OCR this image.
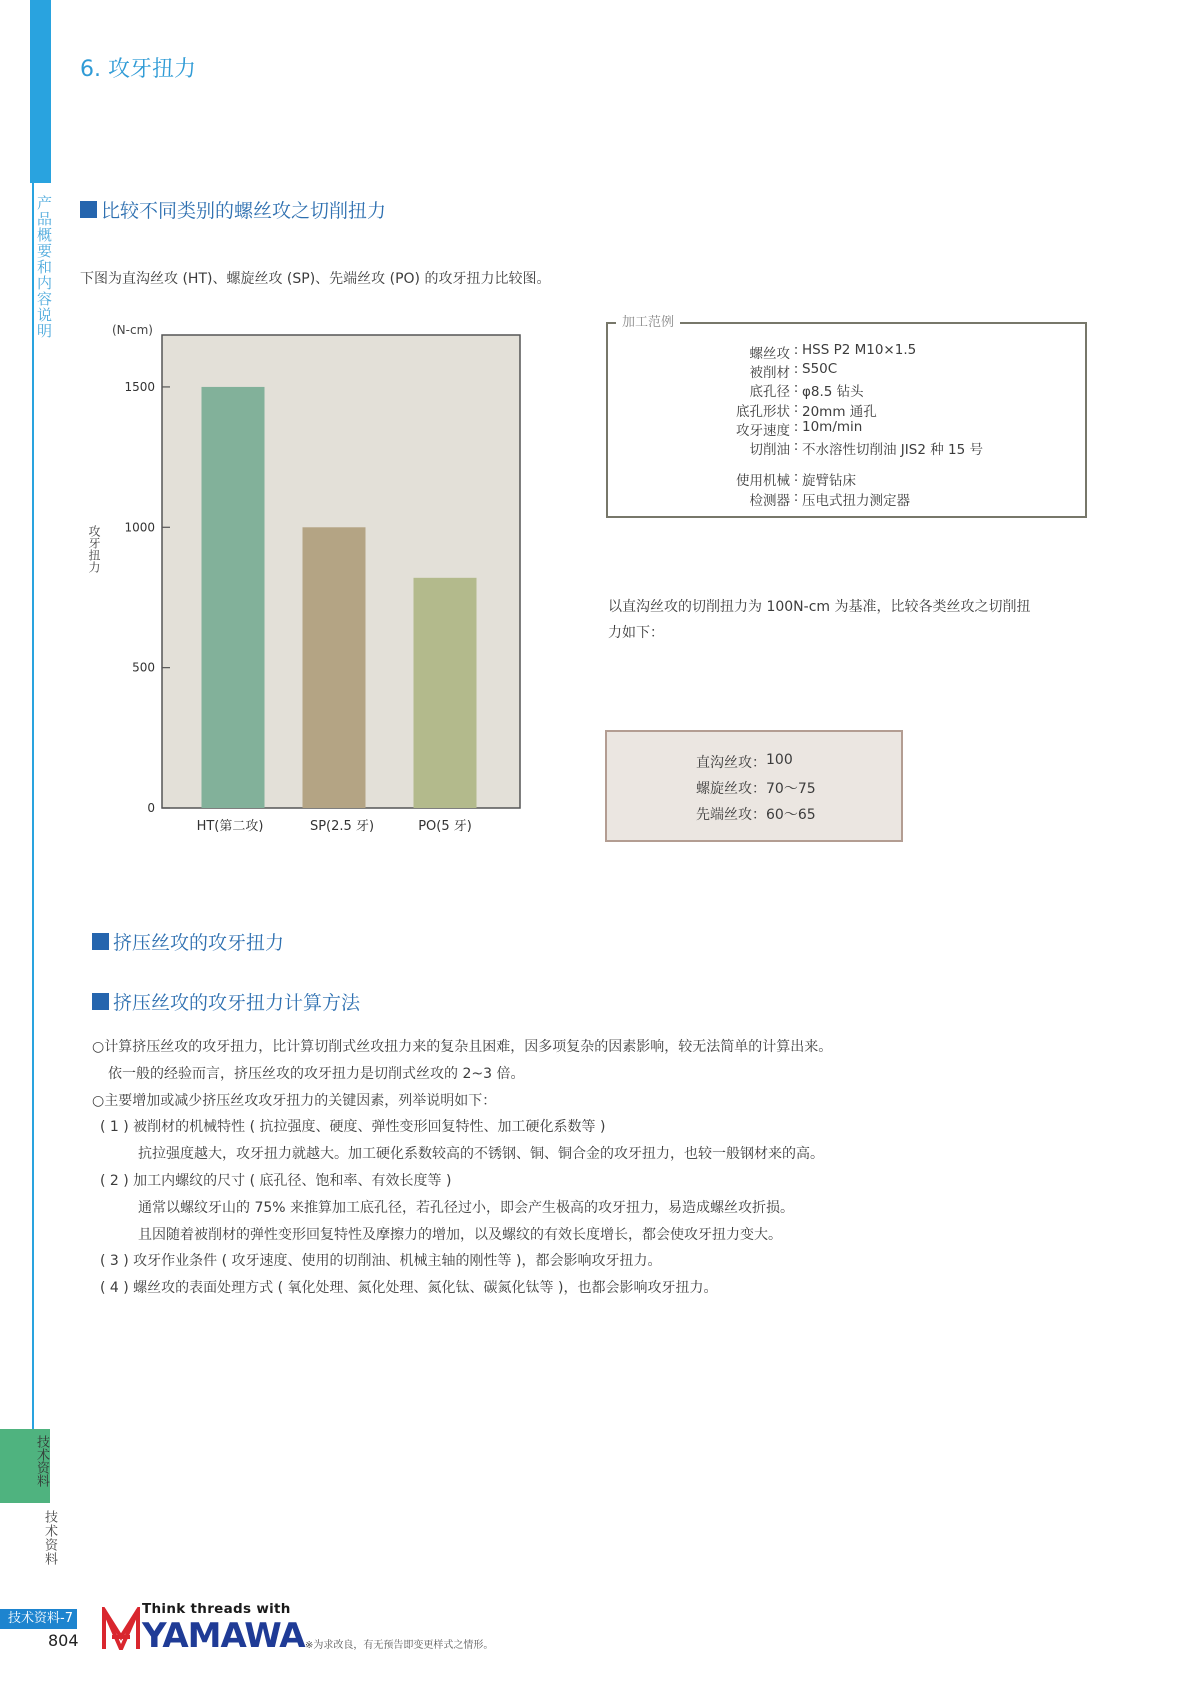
产品概要和内容说明
技术资料
技术资料
6. 攻牙扭力
比较不同类别的螺丝攻之切削扭力
下图为直沟丝攻 (HT)、螺旋丝攻 (SP)、先端丝攻 (PO) 的攻牙扭力比较图。
(N-cm)
攻牙扭力
0
500
1000
1500
HT(第二攻)	SP(2.5 牙)	PO(5 牙)
加工范例
螺丝攻 : HSS P2 M10×1.5
被削材 : S50C
底孔径 : φ8.5 钻头
底孔形状 : 20mm 通孔
攻牙速度 : 10m/min
切削油 : 不水溶性切削油 JIS2 种 15 号
使用机械 : 旋臂钻床
检测器 : 压电式扭力测定器
以直沟丝攻的切削扭力为 100N-cm 为基准，比较各类丝攻之切削扭
力如下：
直沟丝攻 ： 100
螺旋丝攻 ： 70～75
先端丝攻 ： 60～65
挤压丝攻的攻牙扭力
挤压丝攻的攻牙扭力计算方法
○计算挤压丝攻的攻牙扭力，比计算切削式丝攻扭力来的复杂且困难，因多项复杂的因素影响，较无法简单的计算出来。
依一般的经验而言，挤压丝攻的攻牙扭力是切削式丝攻的 2~3 倍。
○主要增加或减少挤压丝攻攻牙扭力的关键因素，列举说明如下：
( 1 ) 被削材的机械特性 ( 抗拉强度、硬度、弹性变形回复特性、加工硬化系数等 )
抗拉强度越大，攻牙扭力就越大。加工硬化系数较高的不锈钢、铜、铜合金的攻牙扭力，也较一般钢材来的高。
( 2 ) 加工内螺纹的尺寸 ( 底孔径、饱和率、有效长度等 )
通常以螺纹牙山的 75% 来推算加工底孔径，若孔径过小，即会产生极高的攻牙扭力，易造成螺丝攻折损。
且因随着被削材的弹性变形回复特性及摩擦力的增加，以及螺纹的有效长度增长，都会使攻牙扭力变大。
( 3 ) 攻牙作业条件 ( 攻牙速度、使用的切削油、机械主轴的刚性等 )，都会影响攻牙扭力。
( 4 ) 螺丝攻的表面处理方式 ( 氧化处理、氮化处理、氮化钛、碳氮化钛等 )，也都会影响攻牙扭力。
技术资料-7
804
Think threads with
YAMAWA ※为求改良，有无预告即变更样式之情形。
